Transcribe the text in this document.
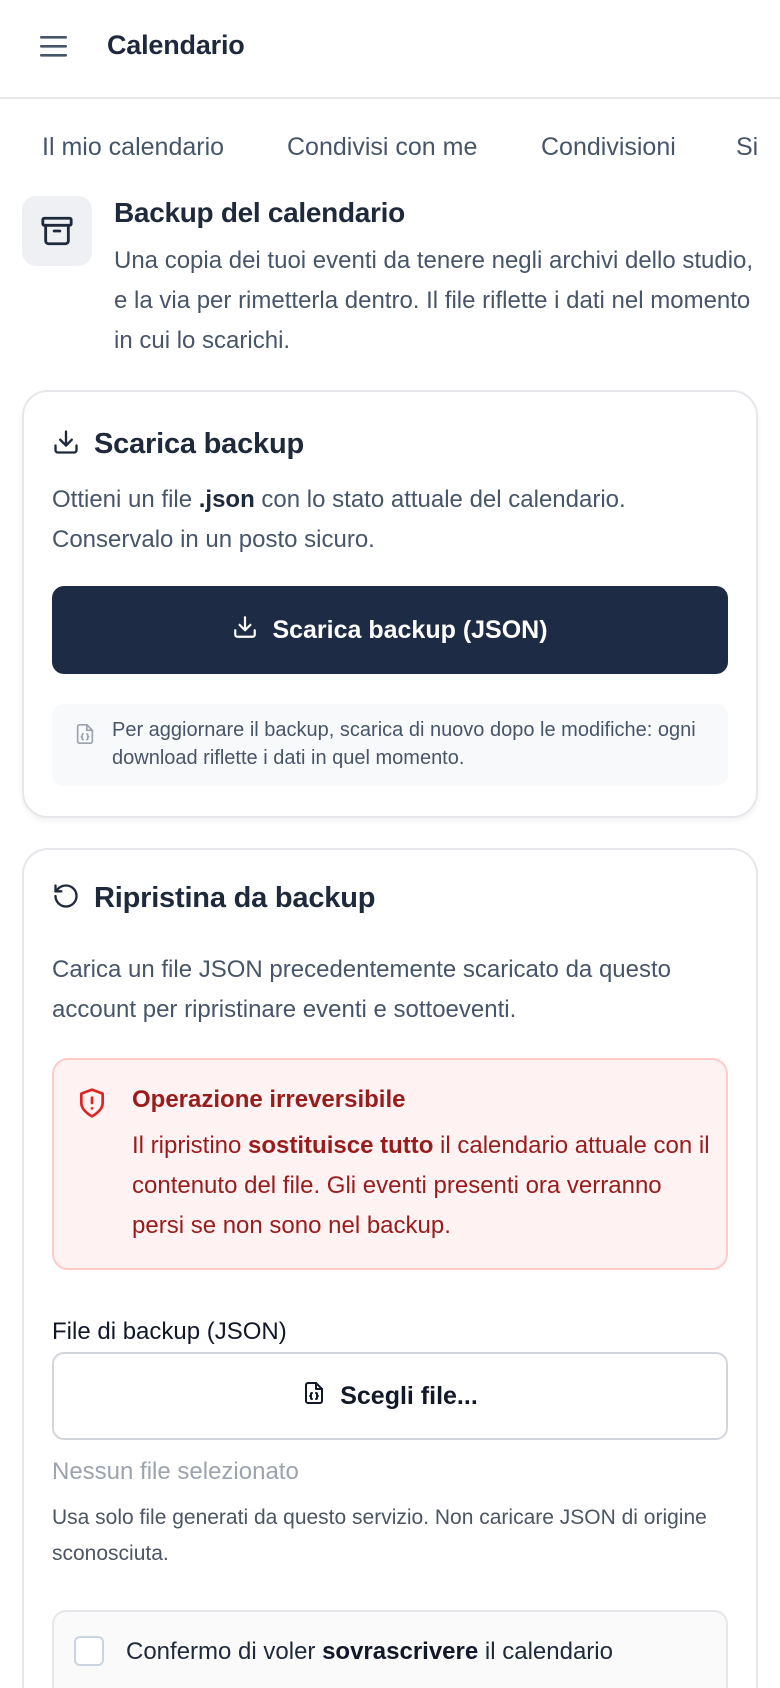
Calendario
Il mio calendario	Condivisi con me	Condivisioni Si
Backup del calendario
Una copia dei tuoi eventi da tenere negli archivi dello studio, e la via per rimetterla dentro. Il file riflette i dati nel momento in cui lo scarichi.
Scarica backup
Ottieni un file .json con lo stato attuale del calendario. Conservalo in un posto sicuro.
Scarica backup (JSON)
Per aggiornare il backup, scarica di nuovo dopo le modifiche: ogni download riflette i dati in quel momento.
Ripristina da backup
Carica un file JSON precedentemente scaricato da questo account per ripristinare eventi e sottoeventi.
Operazione irreversibile
Il ripristino sostituisce tutto il calendario attuale con il contenuto del file. Gli eventi presenti ora verranno persi se non sono nel backup.
File di backup (JSON)
Scegli file...
Nessun file selezionato
Usa solo file generati da questo servizio. Non caricare JSON di origine sconosciuta.
Confermo di voler sovrascrivere il calendario
